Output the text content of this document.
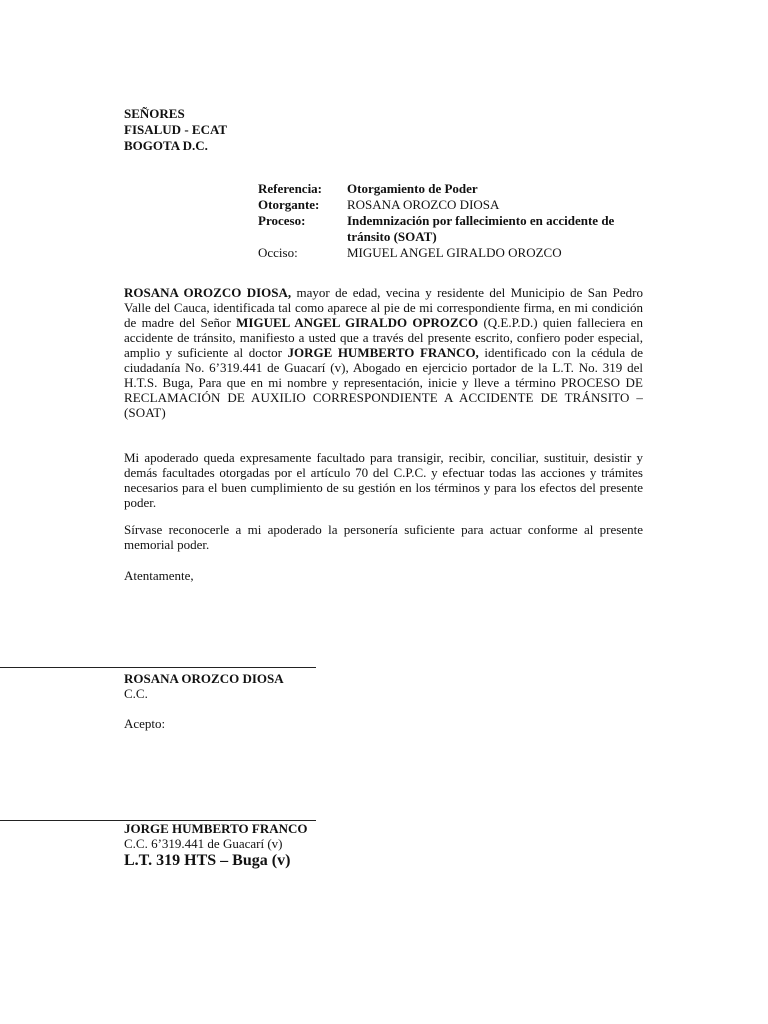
SEÑORES
FISALUD - ECAT
BOGOTA D.C.
Referencia:	Otorgamiento de Poder
Otorgante:	ROSANA OROZCO DIOSA
Proceso:	Indemnización por fallecimiento en accidente de tránsito (SOAT)
Occiso:	MIGUEL ANGEL GIRALDO OROZCO
ROSANA OROZCO DIOSA, mayor de edad, vecina y residente del Municipio de San Pedro Valle del Cauca, identificada tal como aparece al pie de mi correspondiente firma, en mi condición de madre del Señor MIGUEL ANGEL GIRALDO OPROZCO (Q.E.P.D.) quien falleciera en accidente de tránsito, manifiesto a usted que a través del presente escrito, confiero poder especial, amplio y suficiente al doctor JORGE HUMBERTO FRANCO, identificado con la cédula de ciudadanía No. 6’319.441 de Guacarí (v), Abogado en ejercicio portador de la L.T. No. 319 del H.T.S. Buga, Para que en mi nombre y representación, inicie y lleve a término PROCESO DE RECLAMACIÓN DE AUXILIO CORRESPONDIENTE A ACCIDENTE DE TRÁNSITO – (SOAT)
Mi apoderado queda expresamente facultado para transigir, recibir, conciliar, sustituir, desistir y demás facultades otorgadas por el artículo 70 del C.P.C. y efectuar todas las acciones y trámites necesarios para el buen cumplimiento de su gestión en los términos y para los efectos del presente poder.
Sírvase reconocerle a mi apoderado la personería suficiente para actuar conforme al presente memorial poder.
Atentamente,
ROSANA OROZCO DIOSA
C.C.
Acepto:
JORGE HUMBERTO FRANCO
C.C. 6’319.441 de Guacarí (v)
L.T. 319 HTS – Buga (v)
